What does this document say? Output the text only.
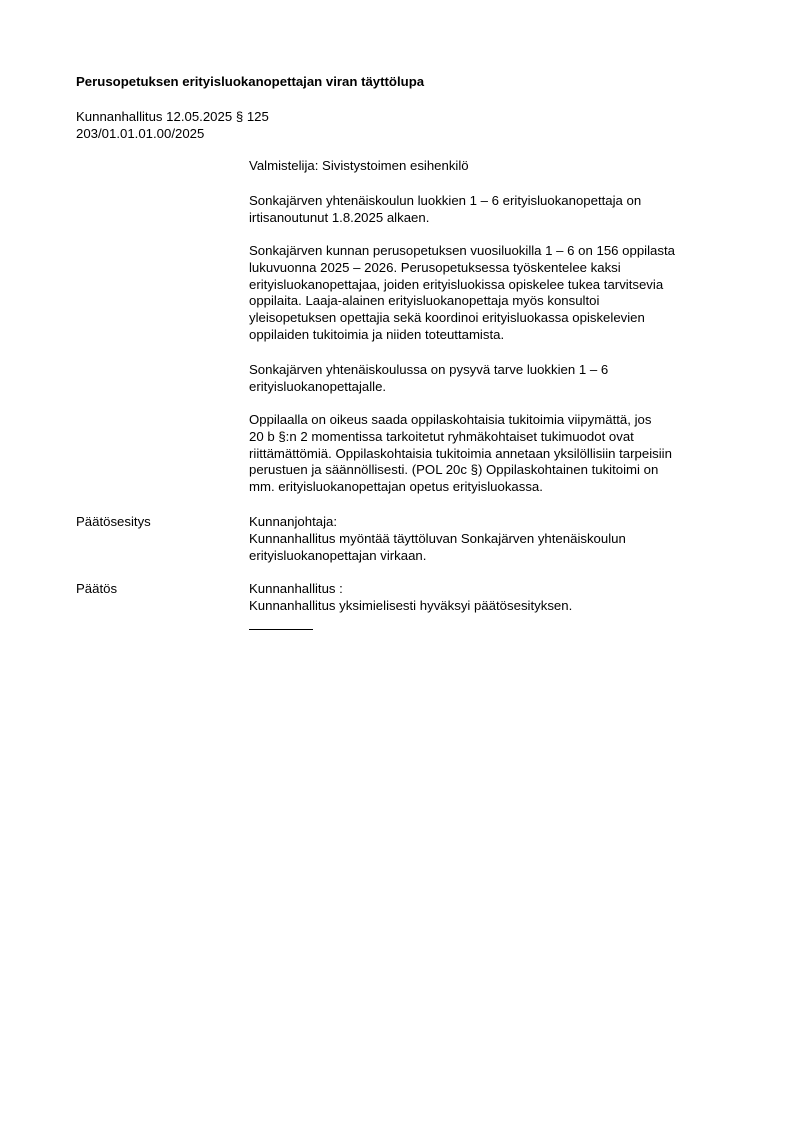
Perusopetuksen erityisluokanopettajan viran täyttölupa
Kunnanhallitus 12.05.2025 § 125
203/01.01.01.00/2025
Valmistelija: Sivistystoimen esihenkilö
Sonkajärven yhtenäiskoulun luokkien 1 – 6 erityisluokanopettaja on
irtisanoutunut 1.8.2025 alkaen.
Sonkajärven kunnan perusopetuksen vuosiluokilla 1 – 6 on 156 oppilasta
lukuvuonna 2025 – 2026. Perusopetuksessa työskentelee kaksi
erityisluokanopettajaa, joiden erityisluokissa opiskelee tukea tarvitsevia
oppilaita. Laaja-alainen erityisluokanopettaja myös konsultoi
yleisopetuksen opettajia sekä koordinoi erityisluokassa opiskelevien
oppilaiden tukitoimia ja niiden toteuttamista.
Sonkajärven yhtenäiskoulussa on pysyvä tarve luokkien 1 – 6
erityisluokanopettajalle.
Oppilaalla on oikeus saada oppilaskohtaisia tukitoimia viipymättä, jos
20 b §:n 2 momentissa tarkoitetut ryhmäkohtaiset tukimuodot ovat
riittämättömiä. Oppilaskohtaisia tukitoimia annetaan yksilöllisiin tarpeisiin
perustuen ja säännöllisesti. (POL 20c §) Oppilaskohtainen tukitoimi on
mm. erityisluokanopettajan opetus erityisluokassa.
Päätösesitys	Kunnanjohtaja:
Kunnanhallitus myöntää täyttöluvan Sonkajärven yhtenäiskoulun
erityisluokanopettajan virkaan.
Päätös	Kunnanhallitus :
Kunnanhallitus yksimielisesti hyväksyi päätösesityksen.
